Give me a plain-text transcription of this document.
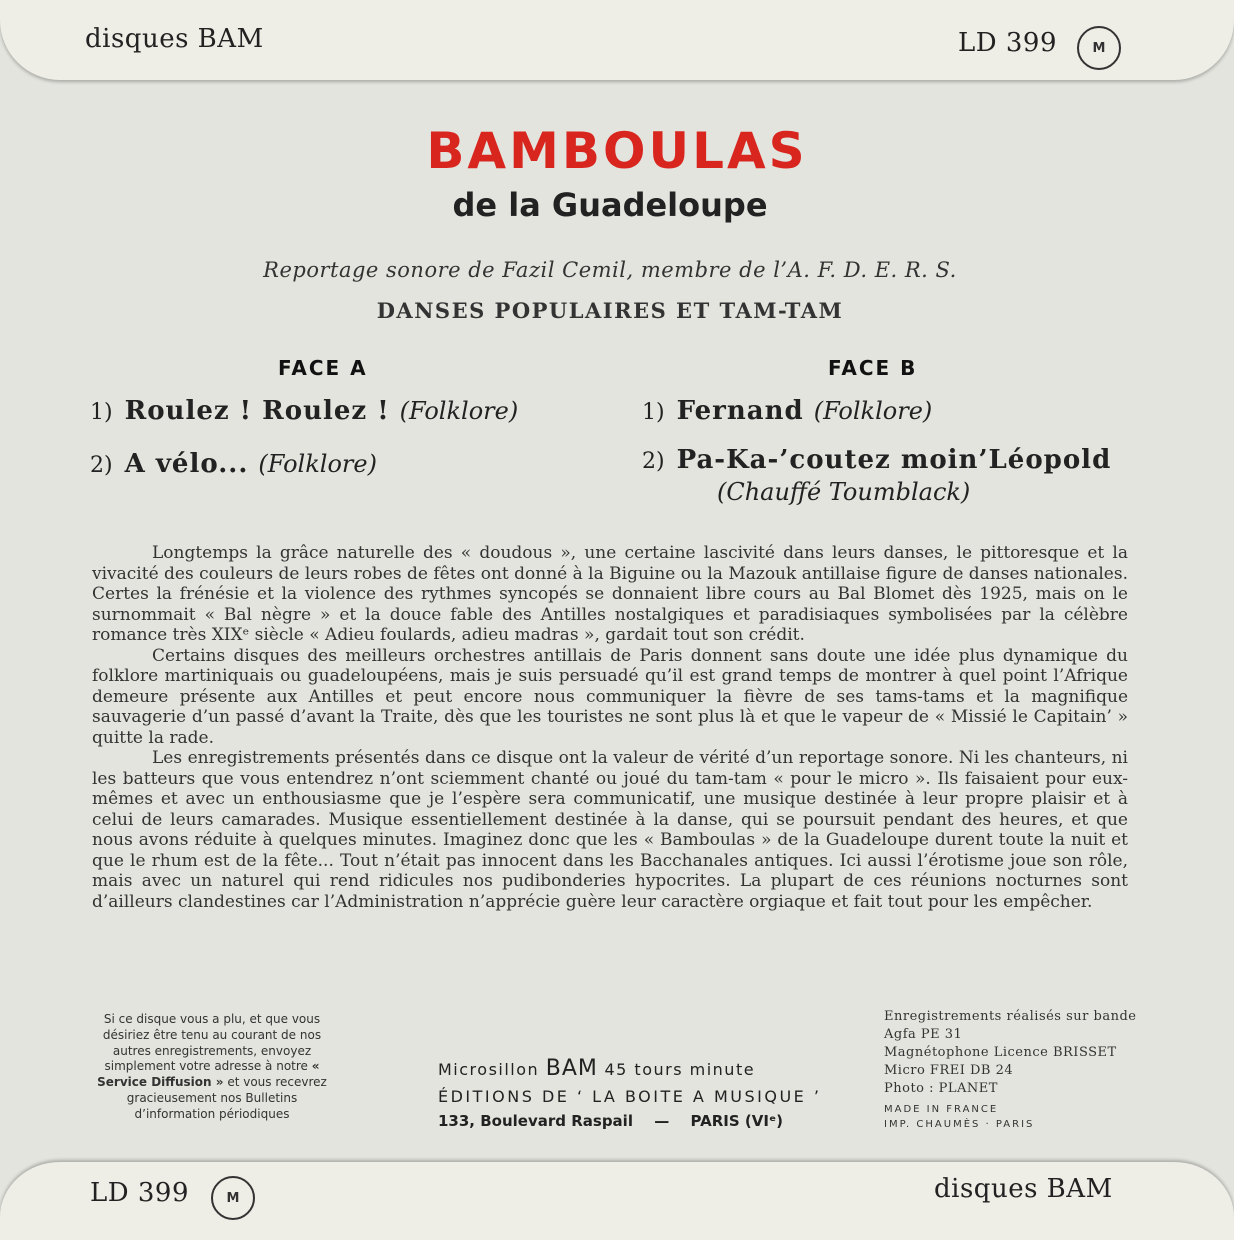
disques BAM	LD 399	M
BAMBOULAS
de la Guadeloupe
Reportage sonore de Fazil Cemil, membre de l’A. F. D. E. R. S.
DANSES POPULAIRES ET TAM-TAM
FACE A	FACE B
1) Roulez ! Roulez ! (Folklore)
2) A vélo... (Folklore)
1) Fernand (Folklore)
2) Pa-Ka-’coutez moin’Léopold
(Chauffé Toumblack)

Longtemps la grâce naturelle des « doudous », une certaine lascivité dans leurs danses, le pittoresque et la vivacité des couleurs de leurs robes de fêtes ont donné à la Biguine ou la Mazouk antillaise figure de danses nationales. Certes la frénésie et la violence des rythmes syncopés se donnaient libre cours au Bal Blomet dès 1925, mais on le surnommait « Bal nègre » et la douce fable des Antilles nostalgiques et paradisiaques symbolisées par la célèbre romance très XIXᵉ siècle « Adieu foulards, adieu madras », gardait tout son crédit.

Certains disques des meilleurs orchestres antillais de Paris donnent sans doute une idée plus dynamique du folklore martiniquais ou guadeloupéens, mais je suis persuadé qu’il est grand temps de montrer à quel point l’Afrique demeure présente aux Antilles et peut encore nous communiquer la fièvre de ses tams-tams et la magnifique sauvagerie d’un passé d’avant la Traite, dès que les touristes ne sont plus là et que le vapeur de « Missié le Capitain’ » quitte la rade.

Les enregistrements présentés dans ce disque ont la valeur de vérité d’un reportage sonore. Ni les chanteurs, ni les batteurs que vous entendrez n’ont sciemment chanté ou joué du tam-tam « pour le micro ». Ils faisaient pour eux-mêmes et avec un enthousiasme que je l’espère sera communicatif, une musique destinée à leur propre plaisir et à celui de leurs camarades. Musique essentiellement destinée à la danse, qui se poursuit pendant des heures, et que nous avons réduite à quelques minutes. Imaginez donc que les « Bamboulas » de la Guadeloupe durent toute la nuit et que le rhum est de la fête... Tout n’était pas innocent dans les Bacchanales antiques. Ici aussi l’érotisme joue son rôle, mais avec un naturel qui rend ridicules nos pudibonderies hypocrites. La plupart de ces réunions nocturnes sont d’ailleurs clandestines car l’Administration n’apprécie guère leur caractère orgiaque et fait tout pour les empêcher.

Si ce disque vous a plu, et que vous désiriez être tenu au courant de nos autres enregistrements, envoyez simplement votre adresse à notre « Service Diffusion » et vous recevrez gracieusement nos Bulletins d’information périodiques
Microsillon BAM 45 tours minute
ÉDITIONS DE ‘ LA BOITE A MUSIQUE ’
133, Boulevard Raspail — PARIS (VIᵉ)
Enregistrements réalisés sur bande
Agfa PE 31
Magnétophone Licence BRISSET
Micro FREI DB 24
Photo : PLANET
MADE IN FRANCE
IMP. CHAUMÈS · PARIS
LD 399	M	disques BAM
